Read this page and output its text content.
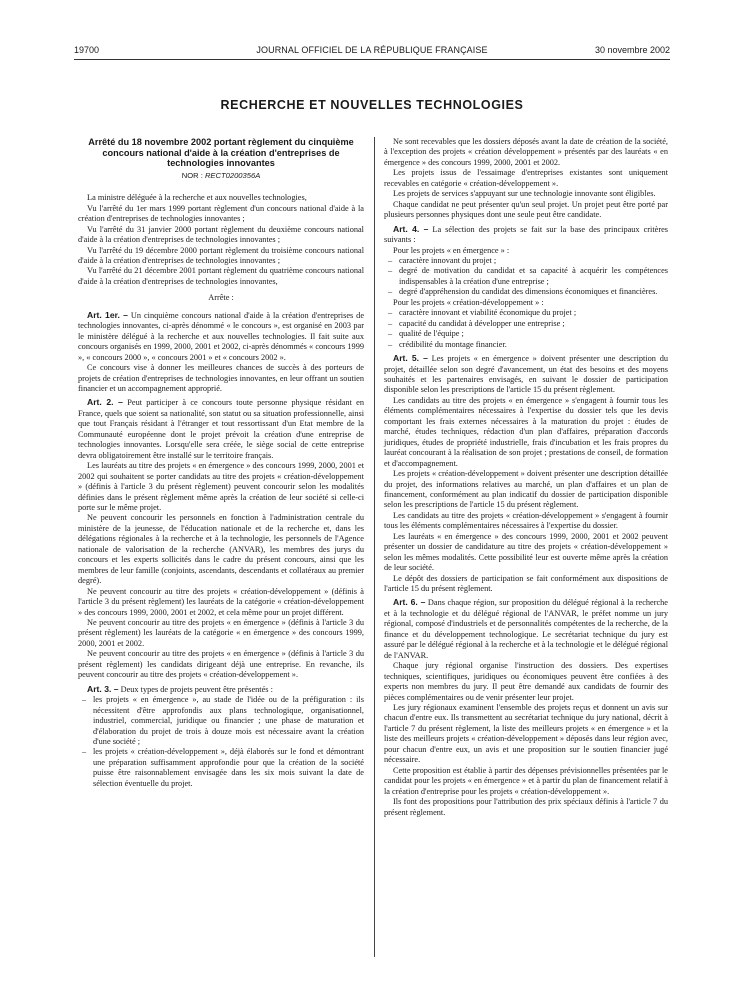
19700	JOURNAL OFFICIEL DE LA RÉPUBLIQUE FRANÇAISE	30 novembre 2002
RECHERCHE ET NOUVELLES TECHNOLOGIES

Arrêté du 18 novembre 2002 portant règlement du cinquième concours national d'aide à la création d'entreprises de technologies innovantes

NOR : RECT0200356A

La ministre déléguée à la recherche et aux nouvelles technologies,

Vu l'arrêté du 1er mars 1999 portant règlement d'un concours national d'aide à la création d'entreprises de technologies innovantes ;

Vu l'arrêté du 31 janvier 2000 portant règlement du deuxième concours national d'aide à la création d'entreprises de technologies innovantes ;

Vu l'arrêté du 19 décembre 2000 portant règlement du troisième concours national d'aide à la création d'entreprises de technologies innovantes ;

Vu l'arrêté du 21 décembre 2001 portant règlement du quatrième concours national d'aide à la création d'entreprises de technologies innovantes,

Arrête :

Art. 1er. – Un cinquième concours national d'aide à la création d'entreprises de technologies innovantes, ci-après dénommé « le concours », est organisé en 2003 par le ministère délégué à la recherche et aux nouvelles technologies. Il fait suite aux concours organisés en 1999, 2000, 2001 et 2002, ci-après dénommés « concours 1999 », « concours 2000 », « concours 2001 » et « concours 2002 ».

Ce concours vise à donner les meilleures chances de succès à des porteurs de projets de création d'entreprises de technologies innovantes, en leur offrant un soutien financier et un accompagnement approprié.

Art. 2. – Peut participer à ce concours toute personne physique résidant en France, quels que soient sa nationalité, son statut ou sa situation professionnelle, ainsi que tout Français résidant à l'étranger et tout ressortissant d'un Etat membre de la Communauté européenne dont le projet prévoit la création d'une entreprise de technologies innovantes. Lorsqu'elle sera créée, le siège social de cette entreprise devra obligatoirement être installé sur le territoire français.

Les lauréats au titre des projets « en émergence » des concours 1999, 2000, 2001 et 2002 qui souhaitent se porter candidats au titre des projets « création-développement » (définis à l'article 3 du présent règlement) peuvent concourir selon les modalités définies dans le présent règlement même après la création de leur société si celle-ci porte sur le même projet.

Ne peuvent concourir les personnels en fonction à l'administration centrale du ministère de la jeunesse, de l'éducation nationale et de la recherche et, dans les délégations régionales à la recherche et à la technologie, les personnels de l'Agence nationale de valorisation de la recherche (ANVAR), les membres des jurys du concours et les experts sollicités dans le cadre du présent concours, ainsi que les membres de leur famille (conjoints, ascendants, descendants et collatéraux au premier degré).

Ne peuvent concourir au titre des projets « création-développement » (définis à l'article 3 du présent règlement) les lauréats de la catégorie « création-développement » des concours 1999, 2000, 2001 et 2002, et cela même pour un projet différent.

Ne peuvent concourir au titre des projets « en émergence » (définis à l'article 3 du présent règlement) les lauréats de la catégorie « en émergence » des concours 1999, 2000, 2001 et 2002.

Ne peuvent concourir au titre des projets « en émergence » (définis à l'article 3 du présent règlement) les candidats dirigeant déjà une entreprise. En revanche, ils peuvent concourir au titre des projets « création-développement ».

Art. 3. – Deux types de projets peuvent être présentés :

– les projets « en émergence », au stade de l'idée ou de la préfiguration : ils nécessitent d'être approfondis aux plans technologique, organisationnel, industriel, commercial, juridique ou financier ; une phase de maturation et d'élaboration du projet de trois à douze mois est nécessaire avant la création d'une société ;
– les projets « création-développement », déjà élaborés sur le fond et démontrant une préparation suffisamment approfondie pour que la création de la société puisse être raisonnablement envisagée dans les six mois suivant la date de sélection éventuelle du projet.

Ne sont recevables que les dossiers déposés avant la date de création de la société, à l'exception des projets « création développement » présentés par des lauréats « en émergence » des concours 1999, 2000, 2001 et 2002.

Les projets issus de l'essaimage d'entreprises existantes sont uniquement recevables en catégorie « création-développement ».

Les projets de services s'appuyant sur une technologie innovante sont éligibles.

Chaque candidat ne peut présenter qu'un seul projet. Un projet peut être porté par plusieurs personnes physiques dont une seule peut être candidate.

Art. 4. – La sélection des projets se fait sur la base des principaux critères suivants :

Pour les projets « en émergence » :

– caractère innovant du projet ;
– degré de motivation du candidat et sa capacité à acquérir les compétences indispensables à la création d'une entreprise ;
– degré d'appréhension du candidat des dimensions économiques et financières.

Pour les projets « création-développement » :

– caractère innovant et viabilité économique du projet ;
– capacité du candidat à développer une entreprise ;
– qualité de l'équipe ;
– crédibilité du montage financier.

Art. 5. – Les projets « en émergence » doivent présenter une description du projet, détaillée selon son degré d'avancement, un état des besoins et des moyens souhaités et les partenaires envisagés, en suivant le dossier de participation disponible selon les prescriptions de l'article 15 du présent règlement.

Les candidats au titre des projets « en émergence » s'engagent à fournir tous les éléments complémentaires nécessaires à l'expertise du dossier tels que les devis comportant les frais externes nécessaires à la maturation du projet : études de marché, études techniques, rédaction d'un plan d'affaires, préparation d'accords juridiques, études de propriété industrielle, frais d'incubation et les frais propres du lauréat concourant à la réalisation de son projet ; prestations de conseil, de formation et d'accompagnement.

Les projets « création-développement » doivent présenter une description détaillée du projet, des informations relatives au marché, un plan d'affaires et un plan de financement, conformément au plan indicatif du dossier de participation disponible selon les prescriptions de l'article 15 du présent règlement.

Les candidats au titre des projets « création-développement » s'engagent à fournir tous les éléments complémentaires nécessaires à l'expertise du dossier.

Les lauréats « en émergence » des concours 1999, 2000, 2001 et 2002 peuvent présenter un dossier de candidature au titre des projets « création-développement » selon les mêmes modalités. Cette possibilité leur est ouverte même après la création de leur société.

Le dépôt des dossiers de participation se fait conformément aux dispositions de l'article 15 du présent règlement.

Art. 6. – Dans chaque région, sur proposition du délégué régional à la recherche et à la technologie et du délégué régional de l'ANVAR, le préfet nomme un jury régional, composé d'industriels et de personnalités compétentes de la recherche, de la finance et du développement technologique. Le secrétariat technique du jury est assuré par le délégué régional à la recherche et à la technologie et le délégué régional de l'ANVAR.

Chaque jury régional organise l'instruction des dossiers. Des expertises techniques, scientifiques, juridiques ou économiques peuvent être confiées à des experts non membres du jury. Il peut être demandé aux candidats de fournir des pièces complémentaires ou de venir présenter leur projet.

Les jury régionaux examinent l'ensemble des projets reçus et donnent un avis sur chacun d'entre eux. Ils transmettent au secrétariat technique du jury national, décrit à l'article 7 du présent règlement, la liste des meilleurs projets « en émergence » et la liste des meilleurs projets « création-développement » déposés dans leur région avec, pour chacun d'entre eux, un avis et une proposition sur le soutien financier jugé nécessaire.

Cette proposition est établie à partir des dépenses prévisionnelles présentées par le candidat pour les projets « en émergence » et à partir du plan de financement relatif à la création d'entreprise pour les projets « création-développement ».

Ils font des propositions pour l'attribution des prix spéciaux définis à l'article 7 du présent règlement.
